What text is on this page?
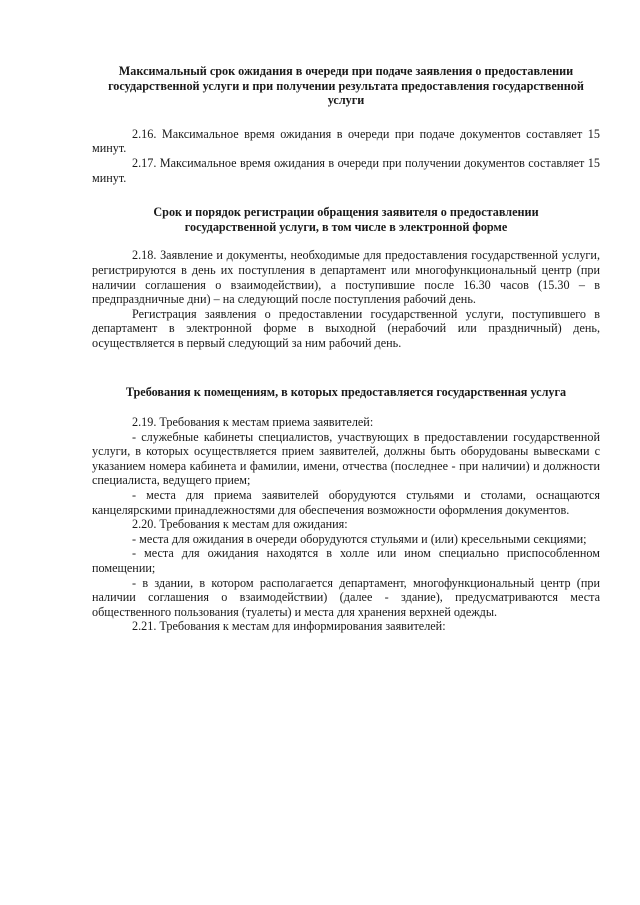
Максимальный срок ожидания в очереди при подаче заявления о предоставлении государственной услуги и при получении результата предоставления государственной услуги

2.16. Максимальное время ожидания в очереди при подаче документов составляет 15 минут.

2.17. Максимальное время ожидания в очереди при получении документов составляет 15 минут.

Срок и порядок регистрации обращения заявителя о предоставлении государственной услуги, в том числе в электронной форме

2.18. Заявление и документы, необходимые для предоставления государственной услуги, регистрируются в день их поступления в департамент или многофункциональный центр (при наличии соглашения о взаимодействии), а поступившие после 16.30 часов (15.30 – в предпраздничные дни) – на следующий после поступления рабочий день.

Регистрация заявления о предоставлении государственной услуги, поступившего в департамент в электронной форме в выходной (нерабочий или праздничный) день, осуществляется в первый следующий за ним рабочий день.

Требования к помещениям, в которых предоставляется государственная услуга

2.19. Требования к местам приема заявителей:

- служебные кабинеты специалистов, участвующих в предоставлении государственной услуги, в которых осуществляется прием заявителей, должны быть оборудованы вывесками с указанием номера кабинета и фамилии, имени, отчества (последнее - при наличии) и должности специалиста, ведущего прием;

- места для приема заявителей оборудуются стульями и столами, оснащаются канцелярскими принадлежностями для обеспечения возможности оформления документов.

2.20. Требования к местам для ожидания:

- места для ожидания в очереди оборудуются стульями и (или) кресельными секциями;

- места для ожидания находятся в холле или ином специально приспособленном помещении;

- в здании, в котором располагается департамент, многофункциональный центр (при наличии соглашения о взаимодействии) (далее - здание), предусматриваются места общественного пользования (туалеты) и места для хранения верхней одежды.

2.21. Требования к местам для информирования заявителей:
